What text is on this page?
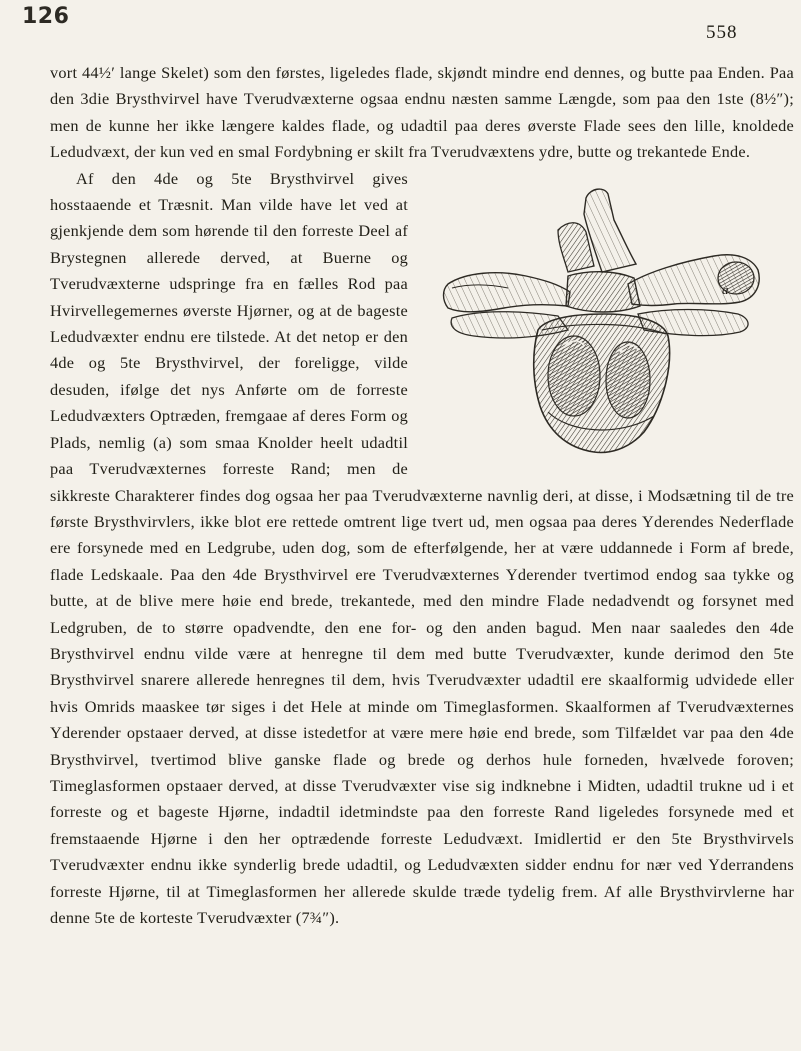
126
558

vort 44½′ lange Skelet) som den førstes, ligeledes flade, skjøndt mindre end dennes, og butte paa Enden. Paa den 3die Brysthvirvel have Tverudvæxterne ogsaa endnu næsten samme Længde, som paa den 1ste (8½″); men de kunne her ikke længere kaldes flade, og udadtil paa deres øverste Flade sees den lille, knoldede Ledudvæxt, der kun ved en smal Fordybning er skilt fra Tverudvæxtens ydre, butte og trekantede Ende.

a

Af den 4de og 5te Brysthvirvel gives hosstaaende et Træsnit. Man vilde have let ved at gjenkjende dem som hørende til den forreste Deel af Brystegnen allerede derved, at Buerne og Tverudvæxterne udspringe fra en fælles Rod paa Hvirvellegemernes øverste Hjørner, og at de bageste Ledudvæxter endnu ere tilstede. At det netop er den 4de og 5te Brysthvirvel, der foreligge, vilde desuden, ifølge det nys Anførte om de forreste Ledudvæxters Optræden, fremgaae af deres Form og Plads, nemlig (a) som smaa Knolder heelt udadtil paa Tverudvæxternes forreste Rand; men de sikkreste Charakterer findes dog ogsaa her paa Tverudvæxterne navnlig deri, at disse, i Modsætning til de tre første Brysthvirvlers, ikke blot ere rettede omtrent lige tvert ud, men ogsaa paa deres Yderendes Nederflade ere forsynede med en Ledgrube, uden dog, som de efterfølgende, her at være uddannede i Form af brede, flade Ledskaale. Paa den 4de Brysthvirvel ere Tverudvæxternes Yderender tvertimod endog saa tykke og butte, at de blive mere høie end brede, trekantede, med den mindre Flade nedadvendt og forsynet med Ledgruben, de to større opadvendte, den ene for- og den anden bagud. Men naar saaledes den 4de Brysthvirvel endnu vilde være at henregne til dem med butte Tverudvæxter, kunde derimod den 5te Brysthvirvel snarere allerede henregnes til dem, hvis Tverudvæxter udadtil ere skaalformig udvidede eller hvis Omrids maaskee tør siges i det Hele at minde om Timeglasformen. Skaalformen af Tverudvæxternes Yderender opstaaer derved, at disse istedetfor at være mere høie end brede, som Tilfældet var paa den 4de Brysthvirvel, tvertimod blive ganske flade og brede og derhos hule forneden, hvælvede foroven; Timeglasformen opstaaer derved, at disse Tverudvæxter vise sig indknebne i Midten, udadtil trukne ud i et forreste og et bageste Hjørne, indadtil idetmindste paa den forreste Rand ligeledes forsynede med et fremstaaende Hjørne i den her optrædende forreste Ledudvæxt. Imidlertid er den 5te Brysthvirvels Tverudvæxter endnu ikke synderlig brede udadtil, og Ledudvæxten sidder endnu for nær ved Yderrandens forreste Hjørne, til at Timeglasformen her allerede skulde træde tydelig frem. Af alle Brysthvirvlerne har denne 5te de korteste Tverudvæxter (7¾″).
